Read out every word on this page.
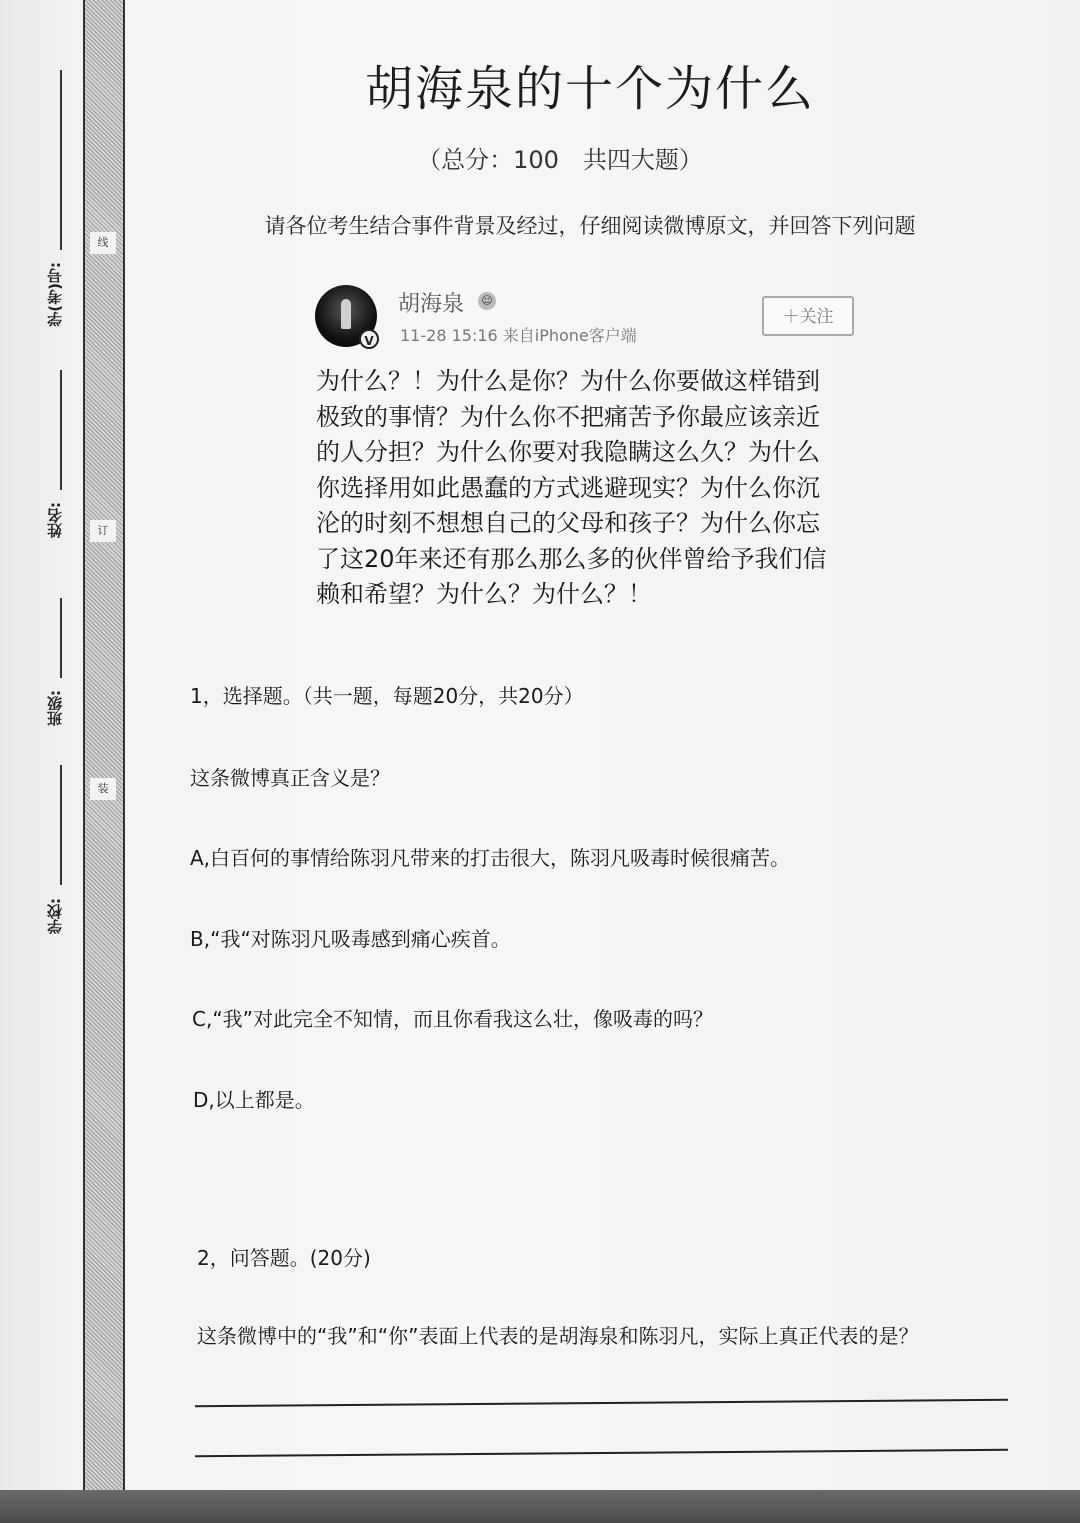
线
订
装
学(考)号:
姓名:
班级:
学校:
胡海泉的十个为什么
（总分：100　共四大题）
请各位考生结合事件背景及经过，仔细阅读微博原文，并回答下列问题
V
胡海泉 ☺
11-28 15:16 来自iPhone客户端
＋关注
为什么？！为什么是你？为什么你要做这样错到
极致的事情？为什么你不把痛苦予你最应该亲近
的人分担？为什么你要对我隐瞒这么久？为什么
你选择用如此愚蠢的方式逃避现实？为什么你沉
沦的时刻不想想自己的父母和孩子？为什么你忘
了这20年来还有那么那么多的伙伴曾给予我们信
赖和希望？为什么？为什么？！
1，选择题。（共一题，每题20分，共20分）
这条微博真正含义是？
A,白百何的事情给陈羽凡带来的打击很大，陈羽凡吸毒时候很痛苦。
B,“我“对陈羽凡吸毒感到痛心疾首。
C,“我”对此完全不知情，而且你看我这么壮，像吸毒的吗？
D,以上都是。
2，问答题。(20分)
这条微博中的“我”和“你”表面上代表的是胡海泉和陈羽凡，实际上真正代表的是？
